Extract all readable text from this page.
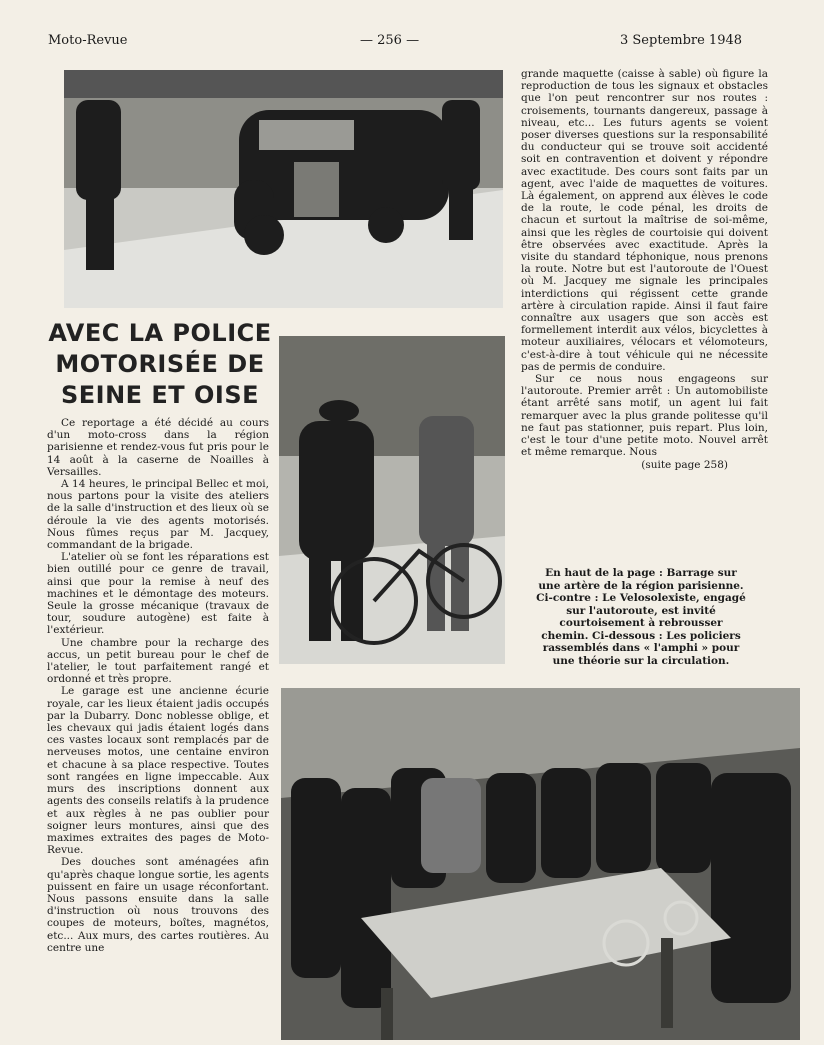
Moto-Revue	— 256 —	3 Septembre 1948
AVEC LA POLICE
MOTORISÉE DE
SEINE ET OISE

Ce reportage a été décidé au cours d'un moto-cross dans la région parisienne et rendez-vous fut pris pour le 14 août à la caserne de Noailles à Versailles.

A 14 heures, le principal Bellec et moi, nous partons pour la visite des ateliers de la salle d'instruction et des lieux où se déroule la vie des agents motorisés. Nous fûmes reçus par M. Jacquey, commandant de la brigade.

L'atelier où se font les réparations est bien outillé pour ce genre de travail, ainsi que pour la remise à neuf des machines et le démontage des moteurs. Seule la grosse mécanique (travaux de tour, soudure autogène) est faite à l'extérieur.

Une chambre pour la recharge des accus, un petit bureau pour le chef de l'atelier, le tout parfaitement rangé et ordonné et très propre.

Le garage est une ancienne écurie royale, car les lieux étaient jadis occupés par la Dubarry. Donc noblesse oblige, et les chevaux qui jadis étaient logés dans ces vastes locaux sont remplacés par de nerveuses motos, une centaine environ et chacune à sa place respective. Toutes sont rangées en ligne impeccable. Aux murs des inscriptions donnent aux agents des conseils relatifs à la prudence et aux règles à ne pas oublier pour soigner leurs montures, ainsi que des maximes extraites des pages de Moto-Revue.

Des douches sont aménagées afin qu'après chaque longue sortie, les agents puissent en faire un usage réconfortant. Nous passons ensuite dans la salle d'instruction où nous trouvons des coupes de moteurs, boîtes, magnétos, etc... Aux murs, des cartes routières. Au centre une

grande maquette (caisse à sable) où figure la reproduction de tous les signaux et obstacles que l'on peut rencontrer sur nos routes : croisements, tournants dangereux, passage à niveau, etc... Les futurs agents se voient poser diverses questions sur la responsabilité du conducteur qui se trouve soit accidenté soit en contravention et doivent y répondre avec exactitude. Des cours sont faits par un agent, avec l'aide de maquettes de voitures. Là également, on apprend aux élèves le code de la route, le code pénal, les droits de chacun et surtout la maîtrise de soi-même, ainsi que les règles de courtoisie qui doivent être observées avec exactitude. Après la visite du standard téphonique, nous prenons la route. Notre but est l'autoroute de l'Ouest où M. Jacquey me signale les principales interdictions qui régissent cette grande artère à circulation rapide. Ainsi il faut faire connaître aux usagers que son accès est formellement interdit aux vélos, bicyclettes à moteur auxiliaires, vélocars et vélomoteurs, c'est-à-dire à tout véhicule qui ne nécessite pas de permis de conduire.

Sur ce nous nous engageons sur l'autoroute. Premier arrêt : Un automobiliste étant arrêté sans motif, un agent lui fait remarquer avec la plus grande politesse qu'il ne faut pas stationner, puis repart. Plus loin, c'est le tour d'une petite moto. Nouvel arrêt et même remarque. Nous

(suite page 258)
En haut de la page : Barrage sur une artère de la région parisienne. Ci-contre : Le Velosolexiste, engagé sur l'autoroute, est invité courtoisement à rebrousser chemin. Ci-dessous : Les policiers rassemblés dans « l'amphi » pour une théorie sur la circulation.
